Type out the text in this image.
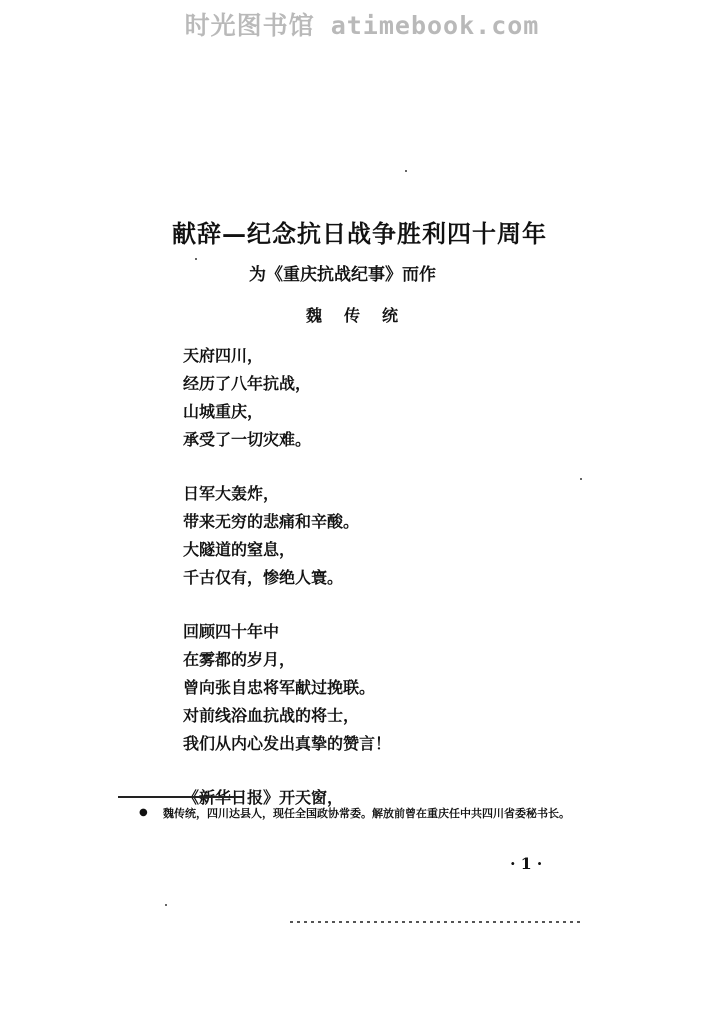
时光图书馆 atimebook.com
献辞—纪念抗日战争胜利四十周年
为《重庆抗战纪事》而作
魏传统
天府四川，
经历了八年抗战，
山城重庆，
承受了一切灾难。
日军大轰炸，
带来无穷的悲痛和辛酸。
大隧道的窒息，
千古仅有，惨绝人寰。
回顾四十年中
在雾都的岁月，
曾向张自忠将军献过挽联。
对前线浴血抗战的将士，
我们从内心发出真挚的赞言！
《新华日报》开天窗，
● 魏传统，四川达县人，现任全国政协常委。解放前曾在重庆任中共四川省委秘书长。
·1·
